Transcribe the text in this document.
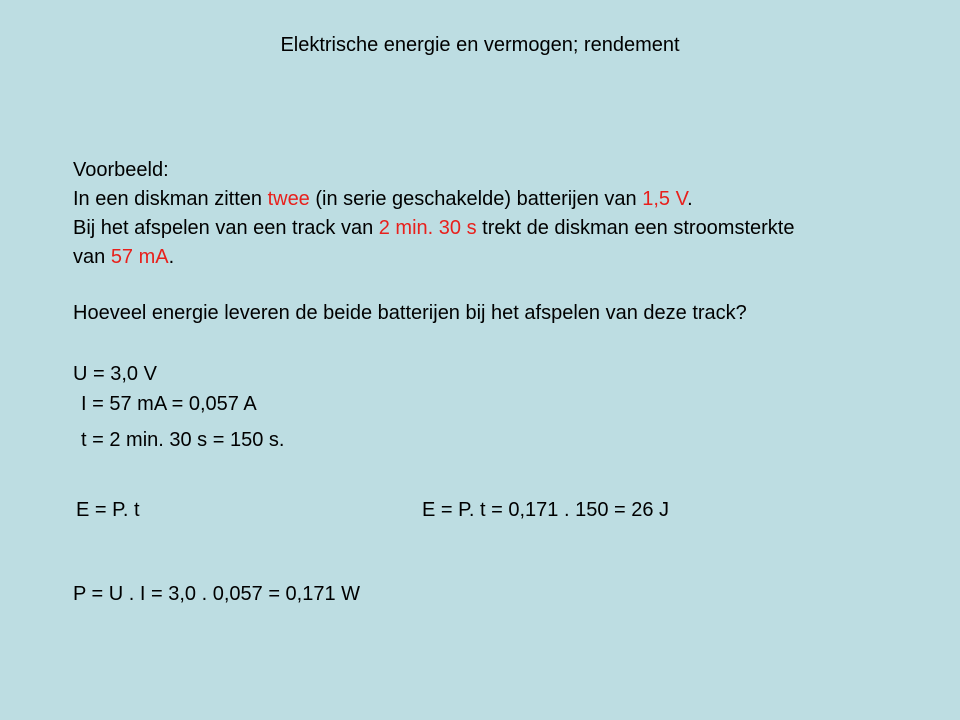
Elektrische energie en vermogen; rendement
Voorbeeld:
In een diskman zitten twee (in serie geschakelde) batterijen van 1,5 V.
Bij het afspelen van een track van 2 min. 30 s trekt de diskman een stroomsterkte
van 57 mA.
Hoeveel energie leveren de beide batterijen bij het afspelen van deze track?
U = 3,0 V
I = 57 mA = 0,057 A
t = 2 min. 30 s = 150 s.
E = P. t	E = P. t = 0,171 . 150 = 26 J
P = U . I = 3,0 . 0,057 = 0,171 W
